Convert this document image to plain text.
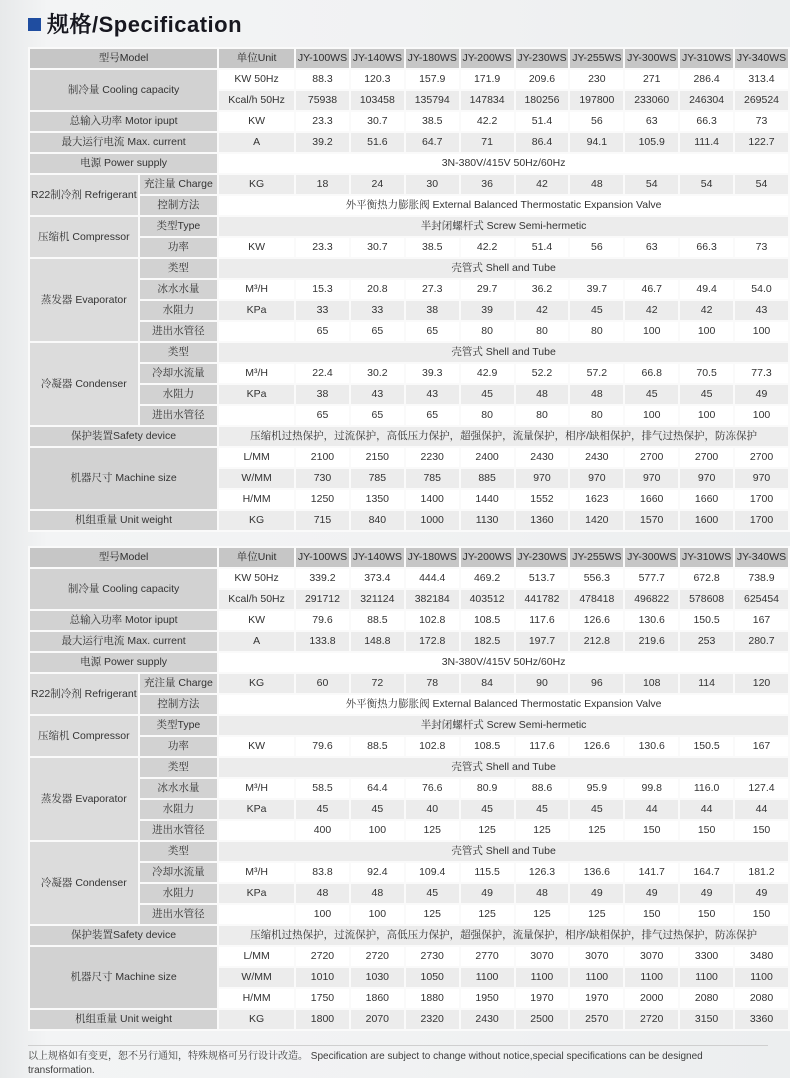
规格/Specification
型号Model		单位Unit	JY-100WS	JY-140WS	JY-180WS	JY-200WS	JY-230WS	JY-255WS	JY-300WS	JY-310WS	JY-340WS
制冷量 Cooling capacity		KW 50Hz	88.3	120.3	157.9	171.9	209.6	230	271	286.4	313.4
		Kcal/h 50Hz	75938	103458	135794	147834	180256	197800	233060	246304	269524
总输入功率 Motor ipupt		KW	23.3	30.7	38.5	42.2	51.4	56	63	66.3	73
最大运行电流 Max. current		A	39.2	51.6	64.7	71	86.4	94.1	105.9	111.4	122.7
电源 Power supply		3N-380V/415V 50Hz/60Hz									
R22制冷剂 Refrigerant	充注量 Charge	KG	18	24	30	36	42	48	54	54	54
	控制方法	外平衡热力膨胀阀 External Balanced Thermostatic Expansion Valve									
压缩机 Compressor	类型Type	半封闭螺杆式 Screw Semi-hermetic									
	功率	KW	23.3	30.7	38.5	42.2	51.4	56	63	66.3	73
蒸发器 Evaporator	类型	壳管式 Shell and Tube									
	冰水水量	M³/H	15.3	20.8	27.3	29.7	36.2	39.7	46.7	49.4	54.0
	水阻力	KPa	33	33	38	39	42	45	42	42	43
	进出水管径		65	65	65	80	80	80	100	100	100
冷凝器 Condenser	类型	壳管式 Shell and Tube									
	冷却水流量	M³/H	22.4	30.2	39.3	42.9	52.2	57.2	66.8	70.5	77.3
	水阻力	KPa	38	43	43	45	48	48	45	45	49
	进出水管径		65	65	65	80	80	80	100	100	100
保护装置Safety device		压缩机过热保护，过流保护，高低压力保护，超强保护，流量保护，相序/缺相保护，排气过热保护，防冻保护									
机器尺寸 Machine size		L/MM	2100	2150	2230	2400	2430	2430	2700	2700	2700
		W/MM	730	785	785	885	970	970	970	970	970
		H/MM	1250	1350	1400	1440	1552	1623	1660	1660	1700
机组重量 Unit weight		KG	715	840	1000	1130	1360	1420	1570	1600	1700
型号Model		单位Unit	JY-100WS	JY-140WS	JY-180WS	JY-200WS	JY-230WS	JY-255WS	JY-300WS	JY-310WS	JY-340WS
制冷量 Cooling capacity		KW 50Hz	339.2	373.4	444.4	469.2	513.7	556.3	577.7	672.8	738.9
		Kcal/h 50Hz	291712	321124	382184	403512	441782	478418	496822	578608	625454
总输入功率 Motor ipupt		KW	79.6	88.5	102.8	108.5	117.6	126.6	130.6	150.5	167
最大运行电流 Max. current		A	133.8	148.8	172.8	182.5	197.7	212.8	219.6	253	280.7
电源 Power supply		3N-380V/415V 50Hz/60Hz									
R22制冷剂 Refrigerant	充注量 Charge	KG	60	72	78	84	90	96	108	114	120
	控制方法	外平衡热力膨胀阀 External Balanced Thermostatic Expansion Valve									
压缩机 Compressor	类型Type	半封闭螺杆式 Screw Semi-hermetic									
	功率	KW	79.6	88.5	102.8	108.5	117.6	126.6	130.6	150.5	167
蒸发器 Evaporator	类型	壳管式 Shell and Tube									
	冰水水量	M³/H	58.5	64.4	76.6	80.9	88.6	95.9	99.8	116.0	127.4
	水阻力	KPa	45	45	40	45	45	45	44	44	44
	进出水管径		400	100	125	125	125	125	150	150	150
冷凝器 Condenser	类型	壳管式 Shell and Tube									
	冷却水流量	M³/H	83.8	92.4	109.4	115.5	126.3	136.6	141.7	164.7	181.2
	水阻力	KPa	48	48	45	49	48	49	49	49	49
	进出水管径		100	100	125	125	125	125	150	150	150
保护装置Safety device		压缩机过热保护，过流保护，高低压力保护，超强保护，流量保护，相序/缺相保护，排气过热保护，防冻保护									
机器尺寸 Machine size		L/MM	2720	2720	2730	2770	3070	3070	3070	3300	3480
		W/MM	1010	1030	1050	1100	1100	1100	1100	1100	1100
		H/MM	1750	1860	1880	1950	1970	1970	2000	2080	2080
机组重量 Unit weight		KG	1800	2070	2320	2430	2500	2570	2720	3150	3360
以上规格如有变更，恕不另行通知，特殊规格可另行设计改造。 Specification are subject to change without notice,special specifications can be designed transformation.
